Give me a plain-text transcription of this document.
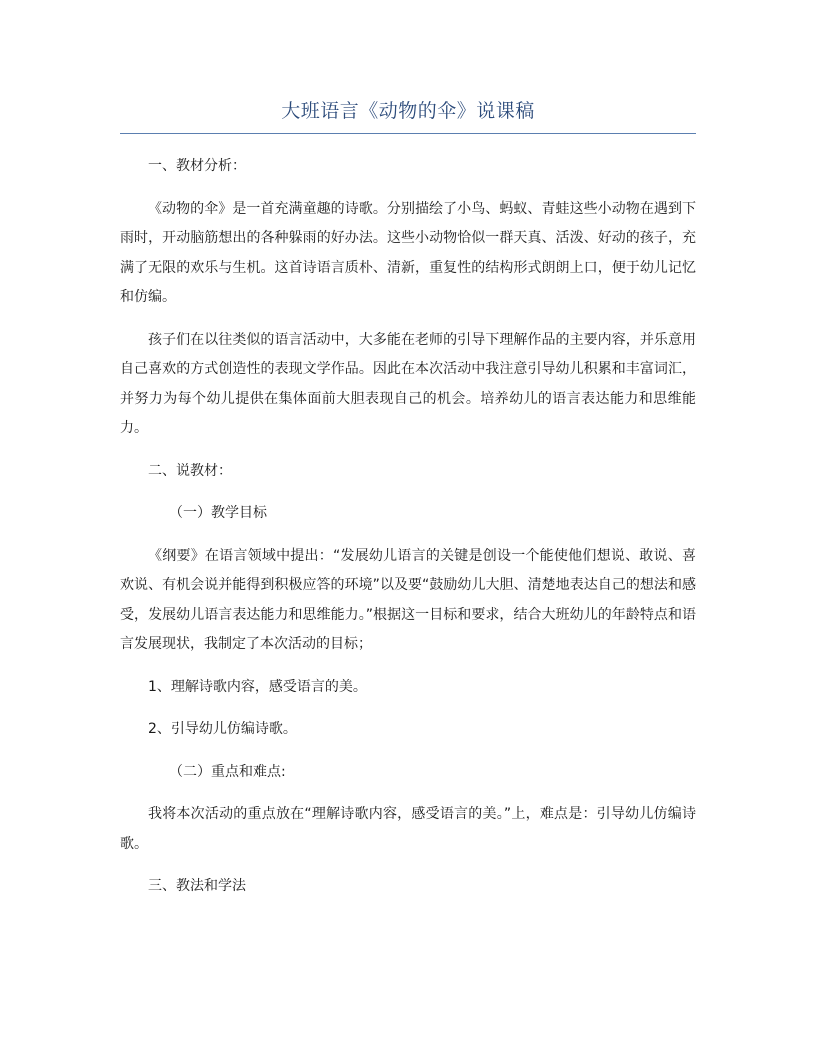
大班语言《动物的伞》说课稿

一、教材分析：

《动物的伞》是一首充满童趣的诗歌。分别描绘了小鸟、蚂蚁、青蛙这些小动物在遇到下雨时，开动脑筋想出的各种躲雨的好办法。这些小动物恰似一群天真、活泼、好动的孩子，充满了无限的欢乐与生机。这首诗语言质朴、清新，重复性的结构形式朗朗上口，便于幼儿记忆和仿编。

孩子们在以往类似的语言活动中，大多能在老师的引导下理解作品的主要内容，并乐意用自己喜欢的方式创造性的表现文学作品。因此在本次活动中我注意引导幼儿积累和丰富词汇，并努力为每个幼儿提供在集体面前大胆表现自己的机会。培养幼儿的语言表达能力和思维能力。

二、说教材：

（一）教学目标

《纲要》在语言领域中提出：“发展幼儿语言的关键是创设一个能使他们想说、敢说、喜欢说、有机会说并能得到积极应答的环境”以及要“鼓励幼儿大胆、清楚地表达自己的想法和感受，发展幼儿语言表达能力和思维能力。”根据这一目标和要求，结合大班幼儿的年龄特点和语言发展现状，我制定了本次活动的目标；

1、理解诗歌内容，感受语言的美。

2、引导幼儿仿编诗歌。

（二）重点和难点:

我将本次活动的重点放在“理解诗歌内容，感受语言的美。”上，难点是：引导幼儿仿编诗歌。

三、教法和学法
